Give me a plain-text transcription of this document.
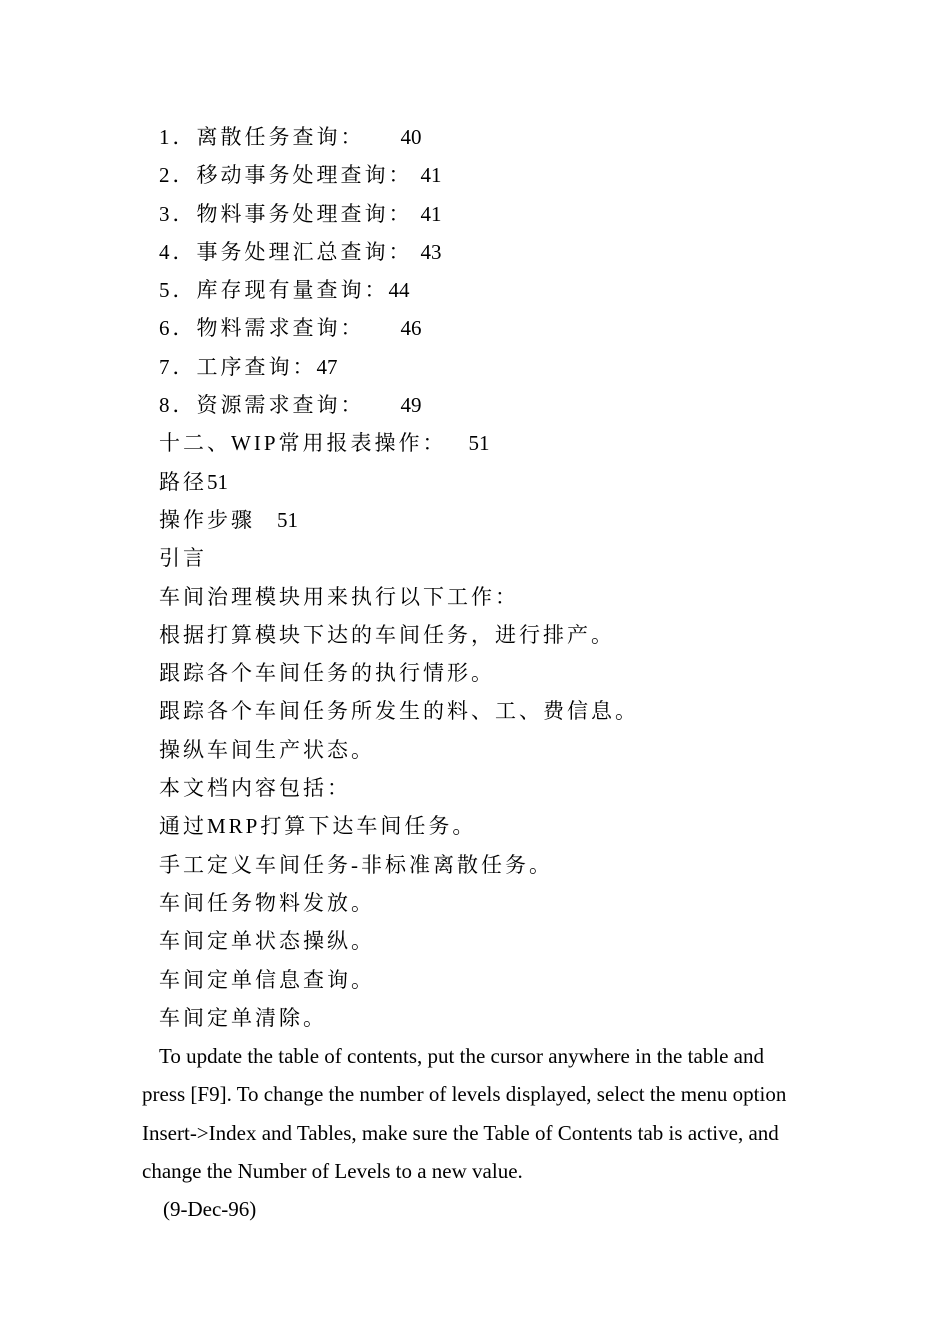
1．离散任务查询： 40
2．移动事务处理查询： 41
3．物料事务处理查询： 41
4．事务处理汇总查询： 43
5．库存现有量查询：44
6．物料需求查询： 46
7．工序查询：47
8．资源需求查询： 49
十二、WIP常用报表操作： 51
路径51
操作步骤 51
引言
车间治理模块用来执行以下工作：
根据打算模块下达的车间任务，进行排产。
跟踪各个车间任务的执行情形。
跟踪各个车间任务所发生的料、工、费信息。
操纵车间生产状态。
本文档内容包括：
通过MRP打算下达车间任务。
手工定义车间任务-非标准离散任务。
车间任务物料发放。
车间定单状态操纵。
车间定单信息查询。
车间定单清除。
To update the table of contents, put the cursor anywhere in the table and
press [F9]. To change the number of levels displayed, select the menu option
Insert->Index and Tables, make sure the Table of Contents tab is active, and
change the Number of Levels to a new value.
(9-Dec-96)
